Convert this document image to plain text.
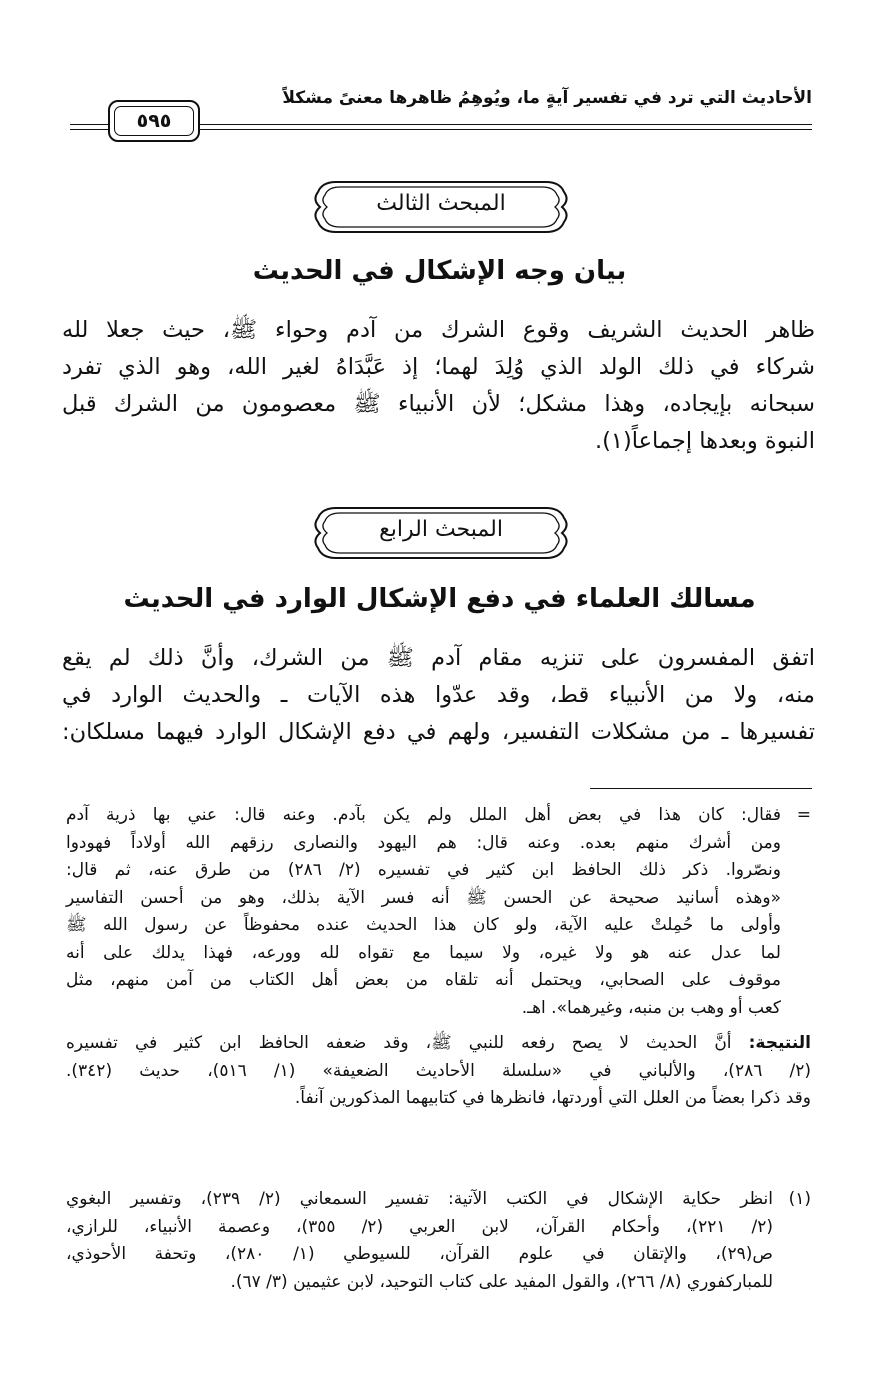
الأحاديث التي ترد في تفسير آيةٍ ما، ويُوهِمُ ظاهرها معنىً مشكلاً
٥٩٥
المبحث الثالث
بيان وجه الإشكال في الحديث
ظاهر الحديث الشريف وقوع الشرك من آدم وحواء ﷺ، حيث جعلا لله
شركاء في ذلك الولد الذي وُلِدَ لهما؛ إذ عَبَّدَاهُ لغير الله، وهو الذي تفرد
سبحانه بإيجاده، وهذا مشكل؛ لأن الأنبياء ﷺ معصومون من الشرك قبل
النبوة وبعدها إجماعاً(١).
المبحث الرابع
مسالك العلماء في دفع الإشكال الوارد في الحديث
اتفق المفسرون على تنزيه مقام آدم ﷺ من الشرك، وأنَّ ذلك لم يقع
منه، ولا من الأنبياء قط، وقد عدّوا هذه الآيات ـ والحديث الوارد في
تفسيرها ـ من مشكلات التفسير، ولهم في دفع الإشكال الوارد فيهما مسلكان:
=
فقال: كان هذا في بعض أهل الملل ولم يكن بآدم. وعنه قال: عني بها ذرية آدم
ومن أشرك منهم بعده. وعنه قال: هم اليهود والنصارى رزقهم الله أولاداً فهودوا
ونصّروا. ذكر ذلك الحافظ ابن كثير في تفسيره (٢/ ٢٨٦) من طرق عنه، ثم قال:
«وهذه أسانيد صحيحة عن الحسن ﷺ أنه فسر الآية بذلك، وهو من أحسن التفاسير
وأولى ما حُمِلتْ عليه الآية، ولو كان هذا الحديث عنده محفوظاً عن رسول الله ﷺ
لما عدل عنه هو ولا غيره، ولا سيما مع تقواه لله وورعه، فهذا يدلك على أنه
موقوف على الصحابي، ويحتمل أنه تلقاه من بعض أهل الكتاب من آمن منهم، مثل
كعب أو وهب بن منبه، وغيرهما». اهـ.
النتيجة: أنَّ الحديث لا يصح رفعه للنبي ﷺ، وقد ضعفه الحافظ ابن كثير في تفسيره
(٢/ ٢٨٦)، والألباني في «سلسلة الأحاديث الضعيفة» (١/ ٥١٦)، حديث (٣٤٢).
وقد ذكرا بعضاً من العلل التي أوردتها، فانظرها في كتابيهما المذكورين آنفاً.
(١)
انظر حكاية الإشكال في الكتب الآتية: تفسير السمعاني (٢/ ٢٣٩)، وتفسير البغوي
(٢/ ٢٢١)، وأحكام القرآن، لابن العربي (٢/ ٣٥٥)، وعصمة الأنبياء، للرازي،
ص(٢٩)، والإتقان في علوم القرآن، للسيوطي (١/ ٢٨٠)، وتحفة الأحوذي،
للمباركفوري (٨/ ٢٦٦)، والقول المفيد على كتاب التوحيد، لابن عثيمين (٣/ ٦٧).
